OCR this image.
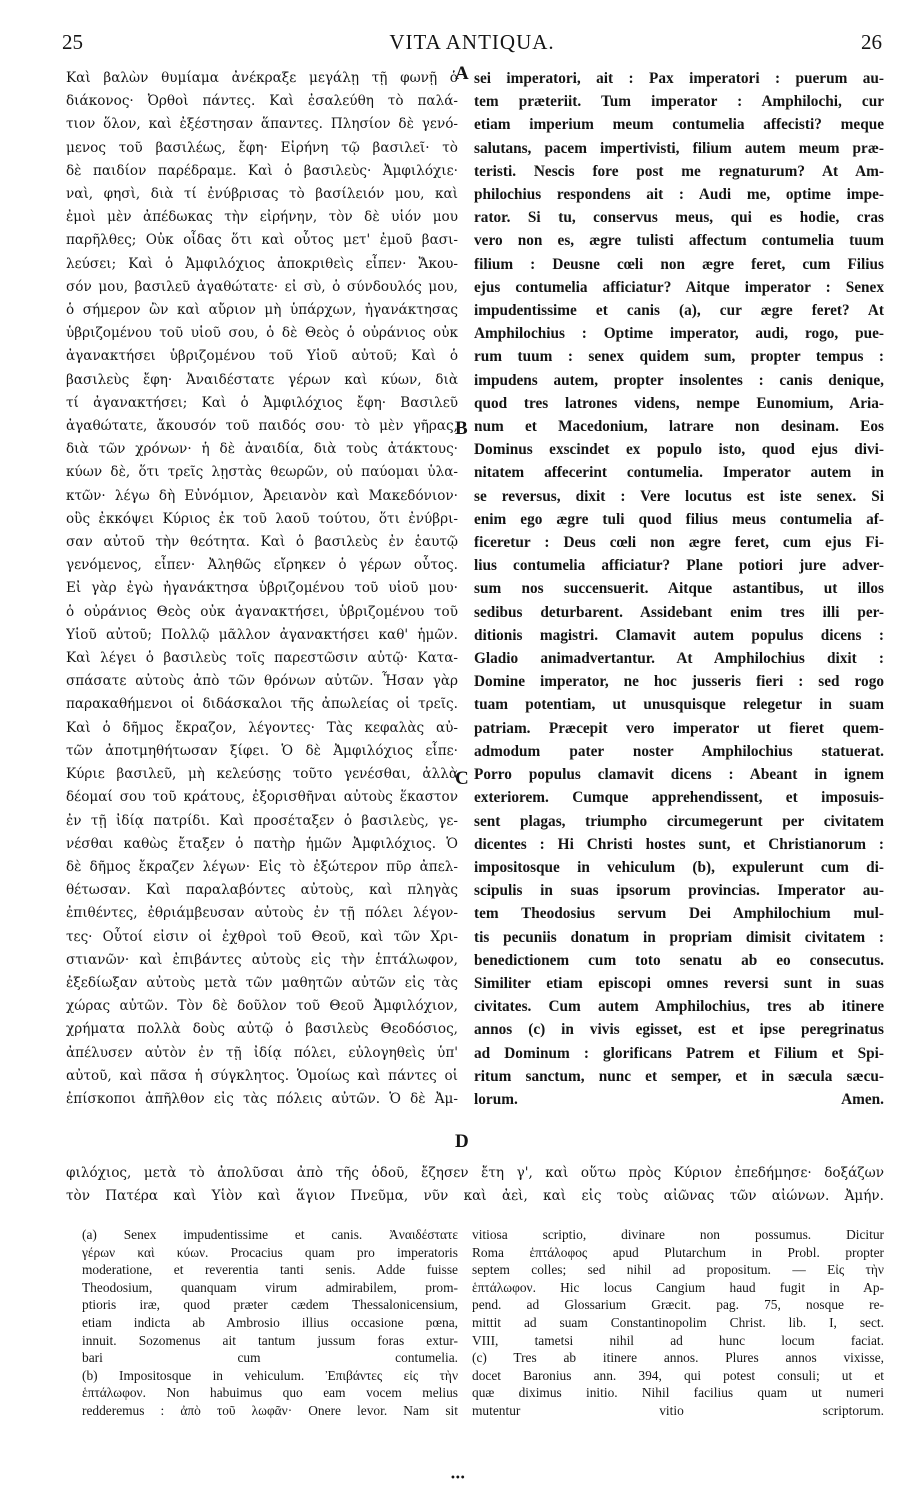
25	VITA ANTIQUA.	26
Καὶ βαλὼν θυμίαμα ἀνέκραξε μεγάλῃ τῇ φωνῇ ὁ
διάκονος· Ὀρθοὶ πάντες. Καὶ ἐσαλεύθη τὸ παλά-
τιον ὅλον, καὶ ἐξέστησαν ἅπαντες. Πλησίον δὲ γενό-
μενος τοῦ βασιλέως, ἔφη· Εἰρήνη τῷ βασιλεῖ· τὸ
δὲ παιδίον παρέδραμε. Καὶ ὁ βασιλεὺς· Ἀμφιλόχιε·
ναὶ, φησὶ, διὰ τί ἐνύβρισας τὸ βασίλειόν μου, καὶ
ἐμοὶ μὲν ἀπέδωκας τὴν εἰρήνην, τὸν δὲ υἱόν μου
παρῆλθες; Οὐκ οἶδας ὅτι καὶ οὗτος μετ' ἐμοῦ βασι-
λεύσει; Καὶ ὁ Ἀμφιλόχιος ἀποκριθεὶς εἶπεν· Ἄκου-
σόν μου, βασιλεῦ ἀγαθώτατε· εἰ σὺ, ὁ σύνδουλός μου,
ὁ σήμερον ὢν καὶ αὔριον μὴ ὑπάρχων, ἠγανάκτησας
ὑβριζομένου τοῦ υἱοῦ σου, ὁ δὲ Θεὸς ὁ οὐράνιος οὐκ
ἀγανακτήσει ὑβριζομένου τοῦ Υἱοῦ αὐτοῦ; Καὶ ὁ
βασιλεὺς ἔφη· Ἀναιδέστατε γέρων καὶ κύων, διὰ
τί ἀγανακτήσει; Καὶ ὁ Ἀμφιλόχιος ἔφη· Βασιλεῦ
ἀγαθώτατε, ἄκουσόν τοῦ παιδός σου· τὸ μὲν γῆρας,
διὰ τῶν χρόνων· ἡ δὲ ἀναιδία, διὰ τοὺς ἀτάκτους·
κύων δὲ, ὅτι τρεῖς λῃστὰς θεωρῶν, οὐ παύομαι ὑλα-
κτῶν· λέγω δὴ Εὐνόμιον, Ἀρειανὸν καὶ Μακεδόνιον·
οὓς ἐκκόψει Κύριος ἐκ τοῦ λαοῦ τούτου, ὅτι ἐνύβρι-
σαν αὐτοῦ τὴν θεότητα. Καὶ ὁ βασιλεὺς ἐν ἑαυτῷ
γενόμενος, εἶπεν· Ἀληθῶς εἴρηκεν ὁ γέρων οὗτος.
Εἰ γὰρ ἐγὼ ἠγανάκτησα ὑβριζομένου τοῦ υἱοῦ μου·
ὁ οὐράνιος Θεὸς οὐκ ἀγανακτήσει, ὑβριζομένου τοῦ
Υἱοῦ αὐτοῦ; Πολλῷ μᾶλλον ἀγανακτήσει καθ' ἡμῶν.
Καὶ λέγει ὁ βασιλεὺς τοῖς παρεστῶσιν αὐτῷ· Κατα-
σπάσατε αὐτοὺς ἀπὸ τῶν θρόνων αὐτῶν. Ἦσαν γὰρ
παρακαθήμενοι οἱ διδάσκαλοι τῆς ἀπωλείας οἱ τρεῖς.
Καὶ ὁ δῆμος ἔκραζον, λέγοντες· Τὰς κεφαλὰς αὐ-
τῶν ἀποτμηθήτωσαν ξίφει. Ὁ δὲ Ἀμφιλόχιος εἶπε·
Κύριε βασιλεῦ, μὴ κελεύσῃς τοῦτο γενέσθαι, ἀλλὰ
δέομαί σου τοῦ κράτους, ἐξορισθῆναι αὐτοὺς ἕκαστον
ἐν τῇ ἰδίᾳ πατρίδι. Καὶ προσέταξεν ὁ βασιλεὺς, γε-
νέσθαι καθὼς ἔταξεν ὁ πατὴρ ἡμῶν Ἀμφιλόχιος. Ὁ
δὲ δῆμος ἔκραζεν λέγων· Εἰς τὸ ἐξώτερον πῦρ ἀπελ-
θέτωσαν. Καὶ παραλαβόντες αὐτοὺς, καὶ πληγὰς
ἐπιθέντες, ἐθριάμβευσαν αὐτοὺς ἐν τῇ πόλει λέγον-
τες· Οὗτοί εἰσιν οἱ ἐχθροὶ τοῦ Θεοῦ, καὶ τῶν Χρι-
στιανῶν· καὶ ἐπιβάντες αὐτοὺς εἰς τὴν ἑπτάλωφον,
ἐξεδίωξαν αὐτοὺς μετὰ τῶν μαθητῶν αὐτῶν εἰς τὰς
χώρας αὐτῶν. Τὸν δὲ δοῦλον τοῦ Θεοῦ Ἀμφιλόχιον,
χρήματα πολλὰ δοὺς αὐτῷ ὁ βασιλεὺς Θεοδόσιος,
ἀπέλυσεν αὐτὸν ἐν τῇ ἰδίᾳ πόλει, εὐλογηθεὶς ὑπ'
αὐτοῦ, καὶ πᾶσα ἡ σύγκλητος. Ὁμοίως καὶ πάντες οἱ
ἐπίσκοποι ἀπῆλθον εἰς τὰς πόλεις αὐτῶν. Ὁ δὲ Ἀμ-
sei imperatori, ait : Pax imperatori : puerum au-
tem præteriit. Tum imperator : Amphilochi, cur
etiam imperium meum contumelia affecisti? meque
salutans, pacem impertivisti, filium autem meum præ-
teristi. Nescis fore post me regnaturum? At Am-
philochius respondens ait : Audi me, optime impe-
rator. Si tu, conservus meus, qui es hodie, cras
vero non es, ægre tulisti affectum contumelia tuum
filium : Deusne cœli non ægre feret, cum Filius
ejus contumelia afficiatur? Aitque imperator : Senex
impudentissime et canis (a), cur ægre feret? At
Amphilochius : Optime imperator, audi, rogo, pue-
rum tuum : senex quidem sum, propter tempus :
impudens autem, propter insolentes : canis denique,
quod tres latrones videns, nempe Eunomium, Aria-
num et Macedonium, latrare non desinam. Eos
Dominus exscindet ex populo isto, quod ejus divi-
nitatem affecerint contumelia. Imperator autem in
se reversus, dixit : Vere locutus est iste senex. Si
enim ego ægre tuli quod filius meus contumelia af-
ficeretur : Deus cœli non ægre feret, cum ejus Fi-
lius contumelia afficiatur? Plane potiori jure adver-
sum nos succensuerit. Aitque astantibus, ut illos
sedibus deturbarent. Assidebant enim tres illi per-
ditionis magistri. Clamavit autem populus dicens :
Gladio animadvertantur. At Amphilochius dixit :
Domine imperator, ne hoc jusseris fieri : sed rogo
tuam potentiam, ut unusquisque relegetur in suam
patriam. Præcepit vero imperator ut fieret quem-
admodum pater noster Amphilochius statuerat.
Porro populus clamavit dicens : Abeant in ignem
exteriorem. Cumque apprehendissent, et imposuis-
sent plagas, triumpho circumegerunt per civitatem
dicentes : Hi Christi hostes sunt, et Christianorum :
impositosque in vehiculum (b), expulerunt cum di-
scipulis in suas ipsorum provincias. Imperator au-
tem Theodosius servum Dei Amphilochium mul-
tis pecuniis donatum in propriam dimisit civitatem :
benedictionem cum toto senatu ab eo consecutus.
Similiter etiam episcopi omnes reversi sunt in suas
civitates. Cum autem Amphilochius, tres ab itinere
annos (c) in vivis egisset, est et ipse peregrinatus
ad Dominum : glorificans Patrem et Filium et Spi-
ritum sanctum, nunc et semper, et in sæcula sæcu-
lorum. Amen.
A
B
C
D
φιλόχιος, μετὰ τὸ ἀπολῦσαι ἀπὸ τῆς ὁδοῦ, ἔζησεν ἔτη γ', καὶ οὕτω πρὸς Κύριον ἐπεδήμησε· δοξάζων
τὸν Πατέρα καὶ Υἱὸν καὶ ἅγιον Πνεῦμα, νῦν καὶ ἀεὶ, καὶ εἰς τοὺς αἰῶνας τῶν αἰώνων. Ἀμήν.
(a) Senex impudentissime et canis. Ἀναιδέστατε
γέρων καὶ κύων. Procacius quam pro imperatoris
moderatione, et reverentia tanti senis. Adde fuisse
Theodosium, quanquam virum admirabilem, prom-
ptioris iræ, quod præter cædem Thessalonicensium,
etiam indicta ab Ambrosio illius occasione pœna,
innuit. Sozomenus ait tantum jussum foras extur-
bari cum contumelia.
(b) Impositosque in vehiculum. Ἐπιβάντες εἰς τὴν
ἑπτάλωφον. Non habuimus quo eam vocem melius
redderemus : ἀπὸ τοῦ λωφᾶν· Onere levor. Nam sit
vitiosa scriptio, divinare non possumus. Dicitur
Roma ἑπτάλοφος apud Plutarchum in Probl. propter
septem colles; sed nihil ad propositum. — Εἰς τὴν
ἑπτάλωφον. Hic locus Cangium haud fugit in Ap-
pend. ad Glossarium Græcit. pag. 75, nosque re-
mittit ad suam Constantinopolim Christ. lib. I, sect.
VIII, tametsi nihil ad hunc locum faciat.
(c) Tres ab itinere annos. Plures annos vixisse,
docet Baronius ann. 394, qui potest consuli; ut et
quæ diximus initio. Nihil facilius quam ut numeri
mutentur vitio scriptorum.
•••
